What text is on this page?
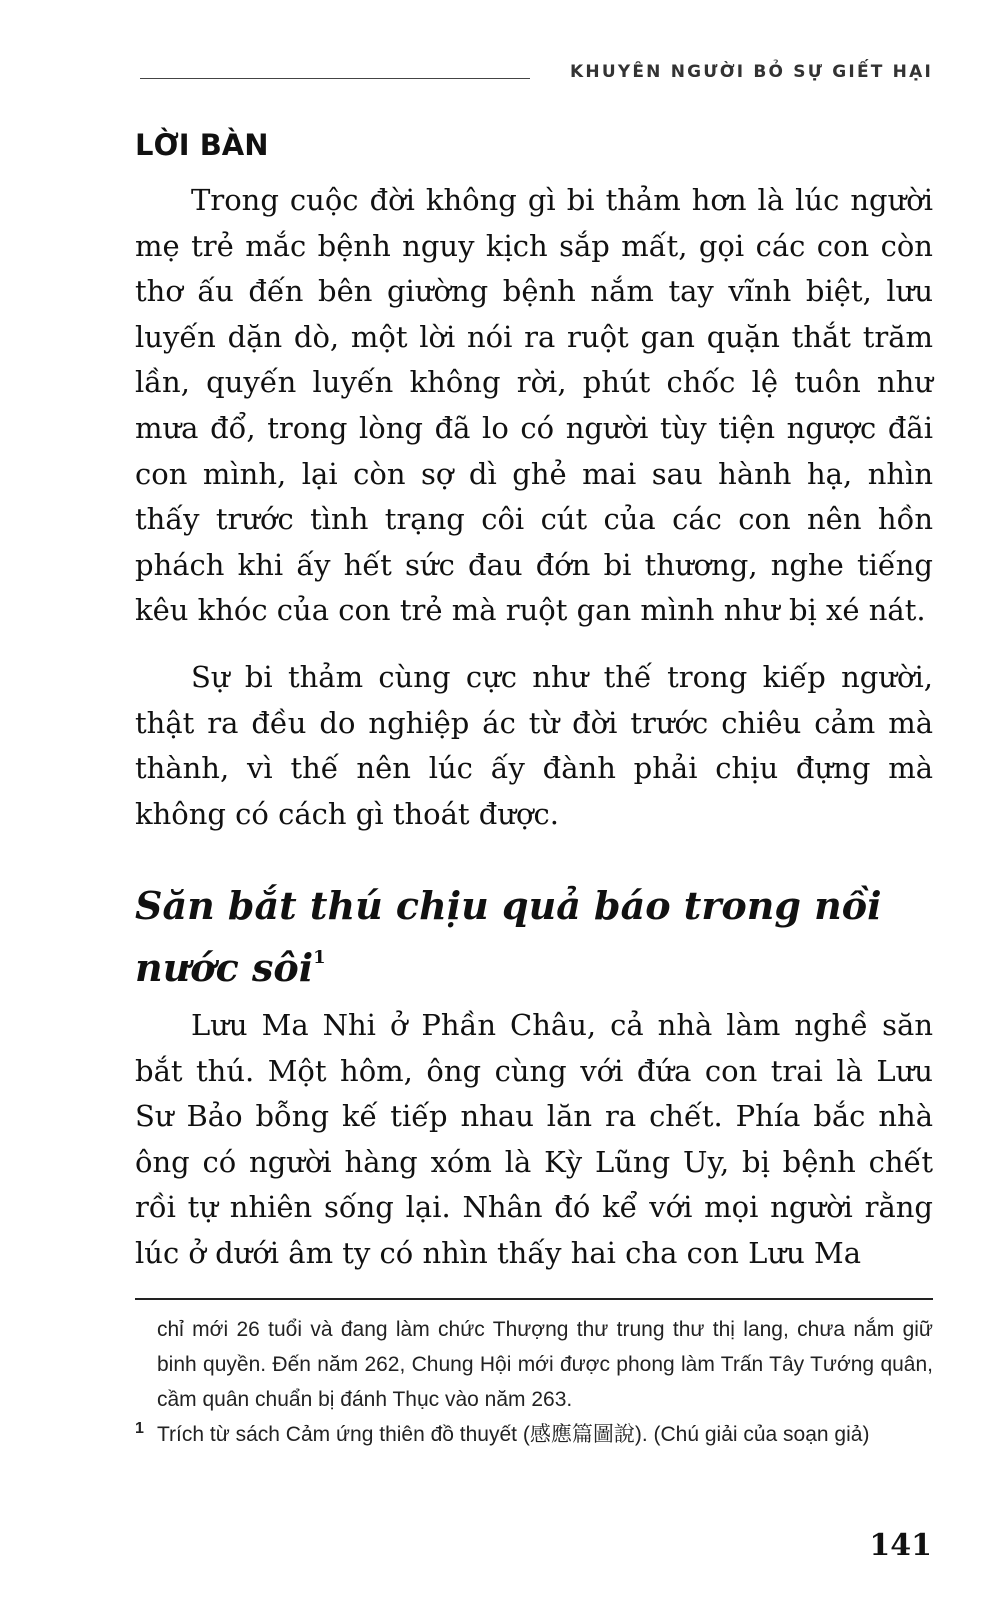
KHUYÊN NGƯỜI BỎ SỰ GIẾT HẠI
LỜI BÀN

Trong cuộc đời không gì bi thảm hơn là lúc người mẹ trẻ mắc bệnh nguy kịch sắp mất, gọi các con còn thơ ấu đến bên giường bệnh nắm tay vĩnh biệt, lưu luyến dặn dò, một lời nói ra ruột gan quặn thắt trăm lần, quyến luyến không rời, phút chốc lệ tuôn như mưa đổ, trong lòng đã lo có người tùy tiện ngược đãi con mình, lại còn sợ dì ghẻ mai sau hành hạ, nhìn thấy trước tình trạng côi cút của các con nên hồn phách khi ấy hết sức đau đớn bi thương, nghe tiếng kêu khóc của con trẻ mà ruột gan mình như bị xé nát.

Sự bi thảm cùng cực như thế trong kiếp người, thật ra đều do nghiệp ác từ đời trước chiêu cảm mà thành, vì thế nên lúc ấy đành phải chịu đựng mà không có cách gì thoát được.

Săn bắt thú chịu quả báo trong nồi nước sôi$^1$

Lưu Ma Nhi ở Phần Châu, cả nhà làm nghề săn bắt thú. Một hôm, ông cùng với đứa con trai là Lưu Sư Bảo bỗng kế tiếp nhau lăn ra chết. Phía bắc nhà ông có người hàng xóm là Kỳ Lũng Uy, bị bệnh chết rồi tự nhiên sống lại. Nhân đó kể với mọi người rằng lúc ở dưới âm ty có nhìn thấy hai cha con Lưu Ma

chỉ mới 26 tuổi và đang làm chức Thượng thư trung thư thị lang, chưa nắm giữ binh quyền. Đến năm 262, Chung Hội mới được phong làm Trấn Tây Tướng quân, cầm quân chuẩn bị đánh Thục vào năm 263.

1 Trích từ sách Cảm ứng thiên đồ thuyết (感應篇圖說). (Chú giải của soạn giả)

141
